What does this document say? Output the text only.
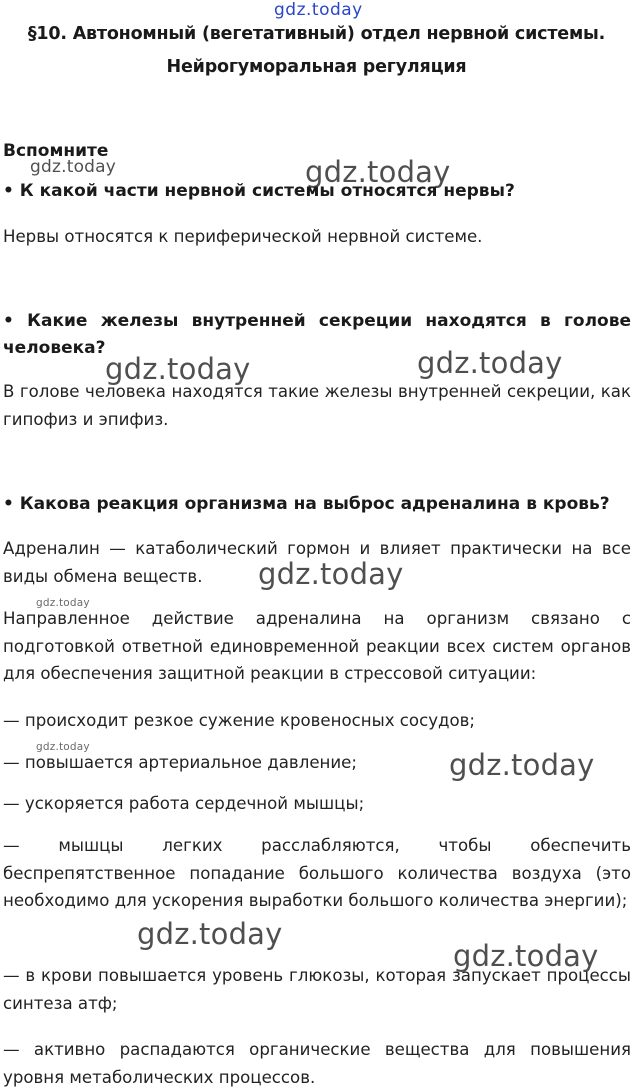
§10. Автономный (вегетативный) отдел нервной системы.
Нейрогуморальная регуляция
Вспомните
• К какой части нервной системы относятся нервы?
Нервы относятся к периферической нервной системе.
• Какие железы внутренней секреции находятся в голове человека?
В голове человека находятся такие железы внутренней секреции, как гипофиз и эпифиз.
• Какова реакция организма на выброс адреналина в кровь?
Адреналин — катаболический гормон и влияет практически на все виды обмена веществ.
Направленное действие адреналина на организм связано с подготовкой ответной единовременной реакции всех систем органов для обеспечения защитной реакции в стрессовой ситуации:
— происходит резкое сужение кровеносных сосудов;
— повышается артериальное давление;
— ускоряется работа сердечной мышцы;
— мышцы легких расслабляются, чтобы обеспечить беспрепятственное попадание большого количества воздуха (это необходимо для ускорения выработки большого количества энергии);
— в крови повышается уровень глюкозы, которая запускает процессы синтеза атф;
— активно распадаются органические вещества для повышения уровня метаболических процессов.
gdz.today
gdz.today	gdz.today
gdz.today	gdz.today
gdz.today
gdz.today
gdz.today
gdz.today
gdz.today
gdz.today
